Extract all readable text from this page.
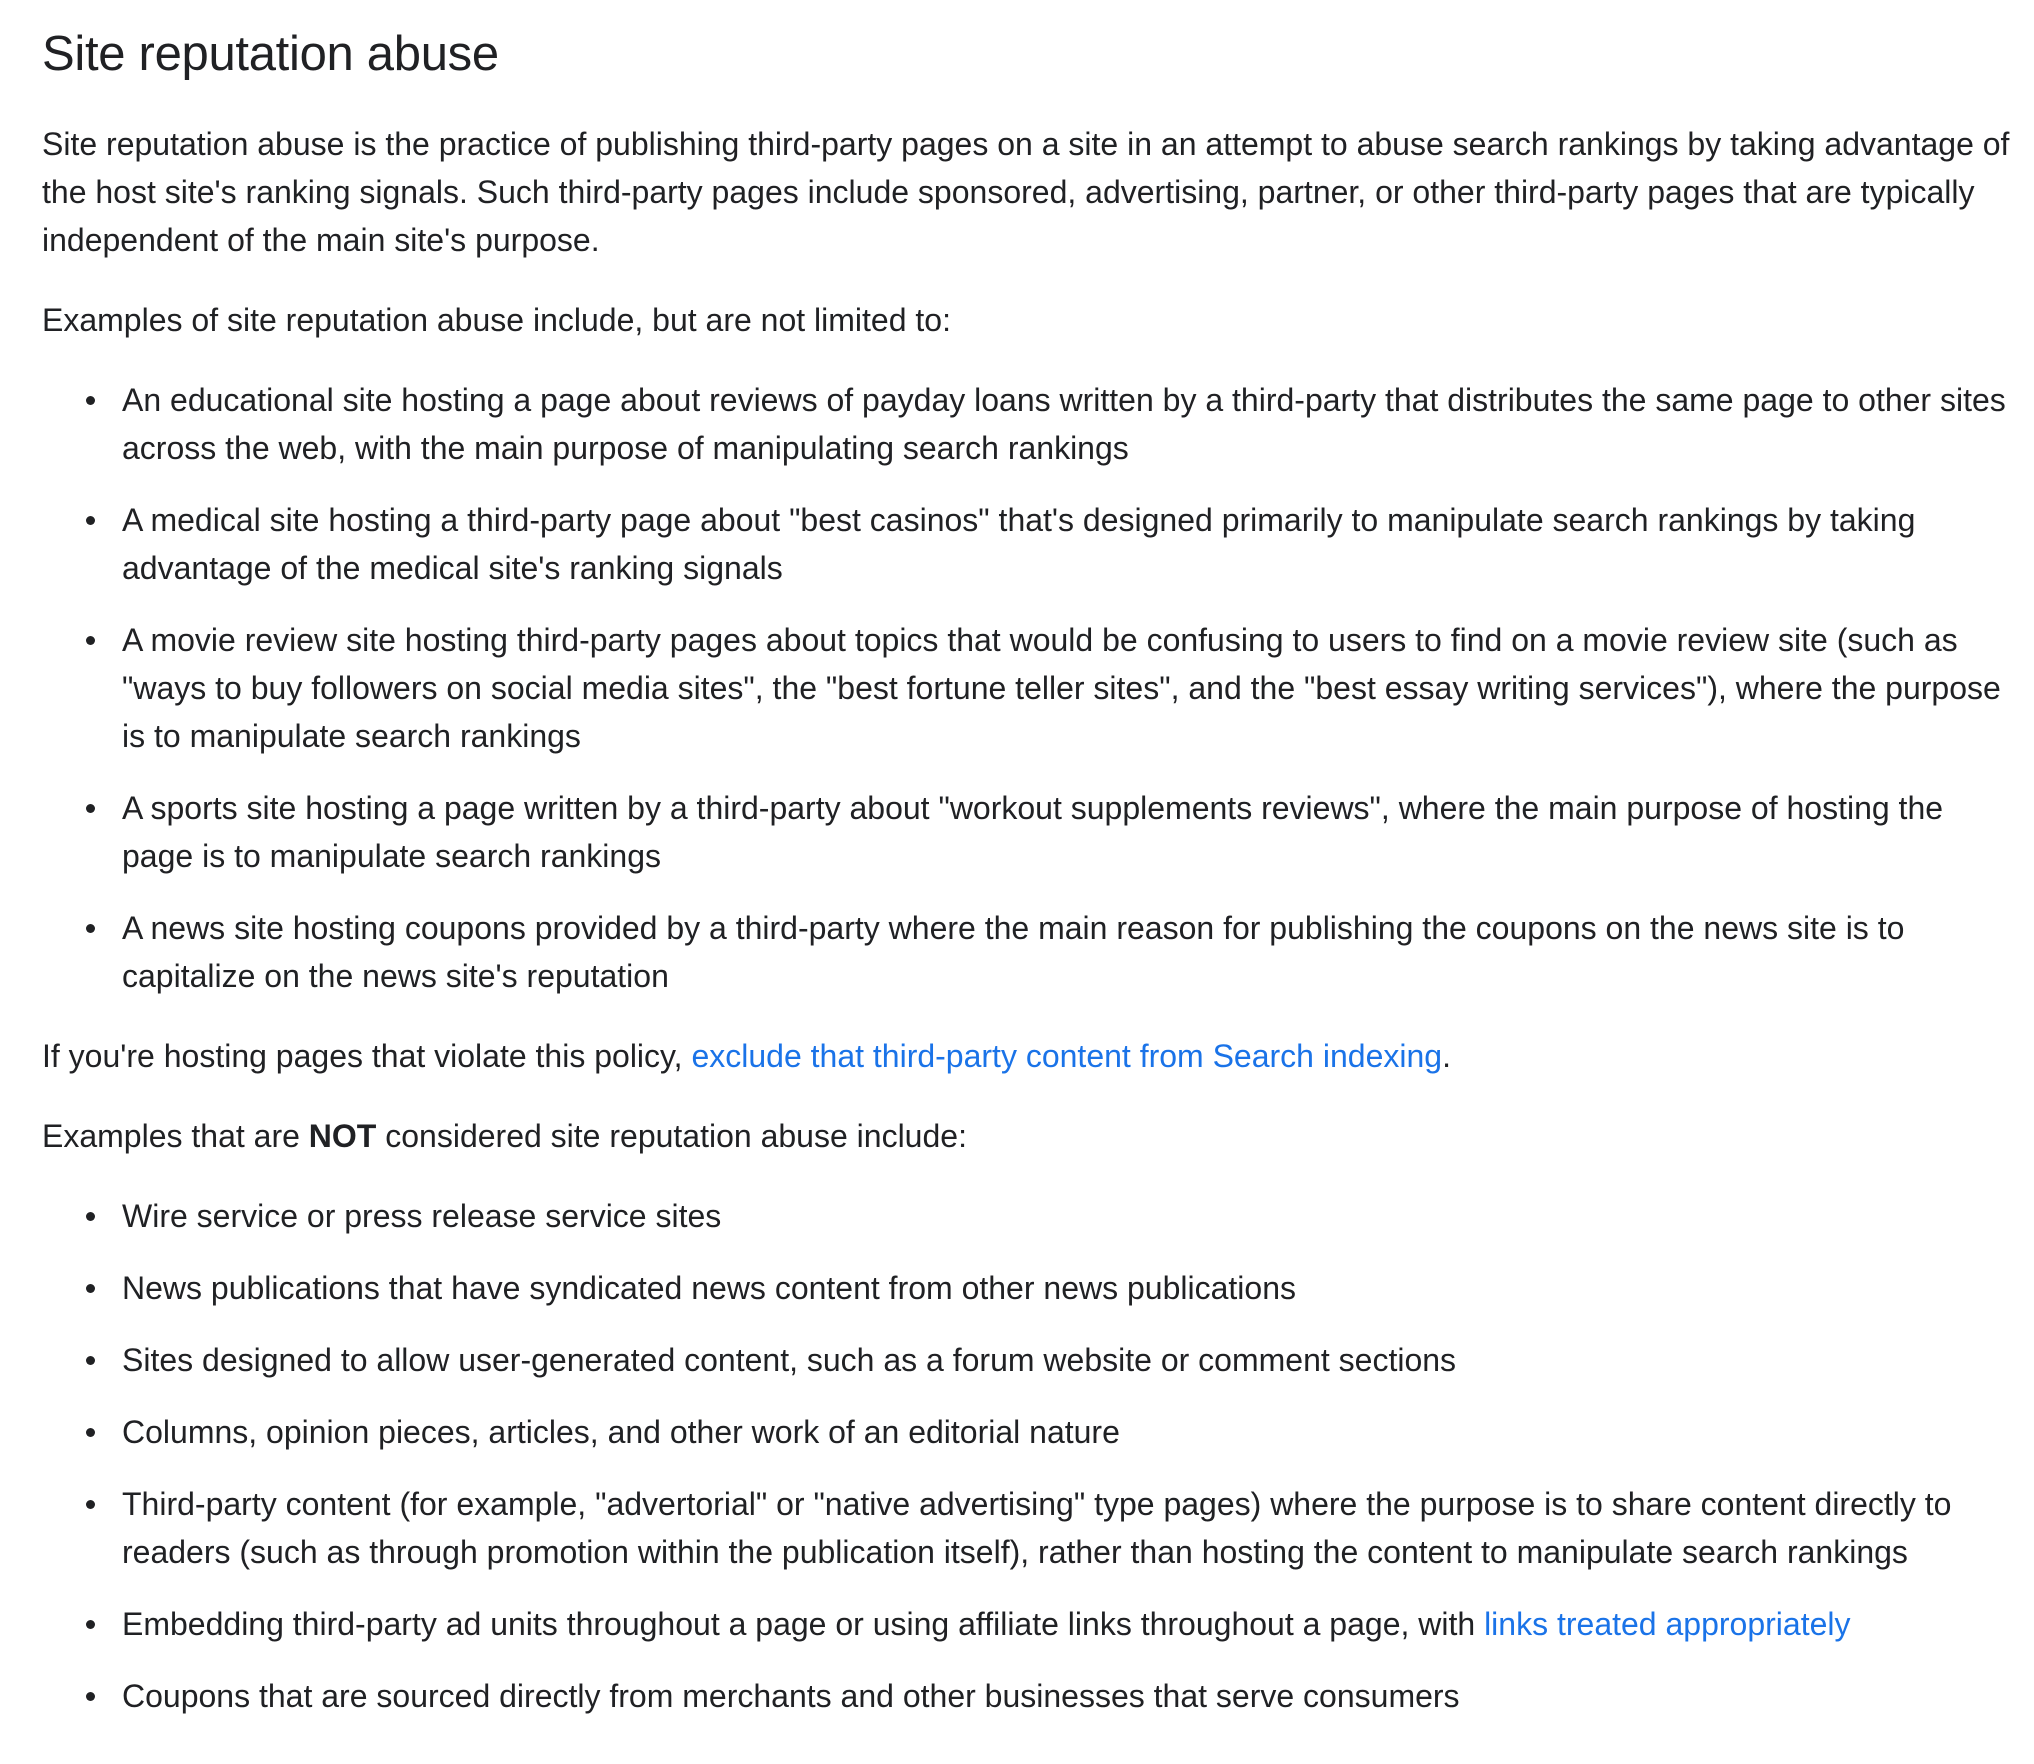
Site reputation abuse

Site reputation abuse is the practice of publishing third-party pages on a site in an attempt to abuse search rankings by taking advantage of the host site's ranking signals. Such third-party pages include sponsored, advertising, partner, or other third-party pages that are typically independent of the main site's purpose.

Examples of site reputation abuse include, but are not limited to:

An educational site hosting a page about reviews of payday loans written by a third-party that distributes the same page to other sites across the web, with the main purpose of manipulating search rankings
A medical site hosting a third-party page about "best casinos" that's designed primarily to manipulate search rankings by taking advantage of the medical site's ranking signals
A movie review site hosting third-party pages about topics that would be confusing to users to find on a movie review site (such as "ways to buy followers on social media sites", the "best fortune teller sites", and the "best essay writing services"), where the purpose is to manipulate search rankings
A sports site hosting a page written by a third-party about "workout supplements reviews", where the main purpose of hosting the page is to manipulate search rankings
A news site hosting coupons provided by a third-party where the main reason for publishing the coupons on the news site is to capitalize on the news site's reputation

If you're hosting pages that violate this policy, exclude that third-party content from Search indexing.

Examples that are NOT considered site reputation abuse include:

Wire service or press release service sites
News publications that have syndicated news content from other news publications
Sites designed to allow user-generated content, such as a forum website or comment sections
Columns, opinion pieces, articles, and other work of an editorial nature
Third-party content (for example, "advertorial" or "native advertising" type pages) where the purpose is to share content directly to readers (such as through promotion within the publication itself), rather than hosting the content to manipulate search rankings
Embedding third-party ad units throughout a page or using affiliate links throughout a page, with links treated appropriately
Coupons that are sourced directly from merchants and other businesses that serve consumers
